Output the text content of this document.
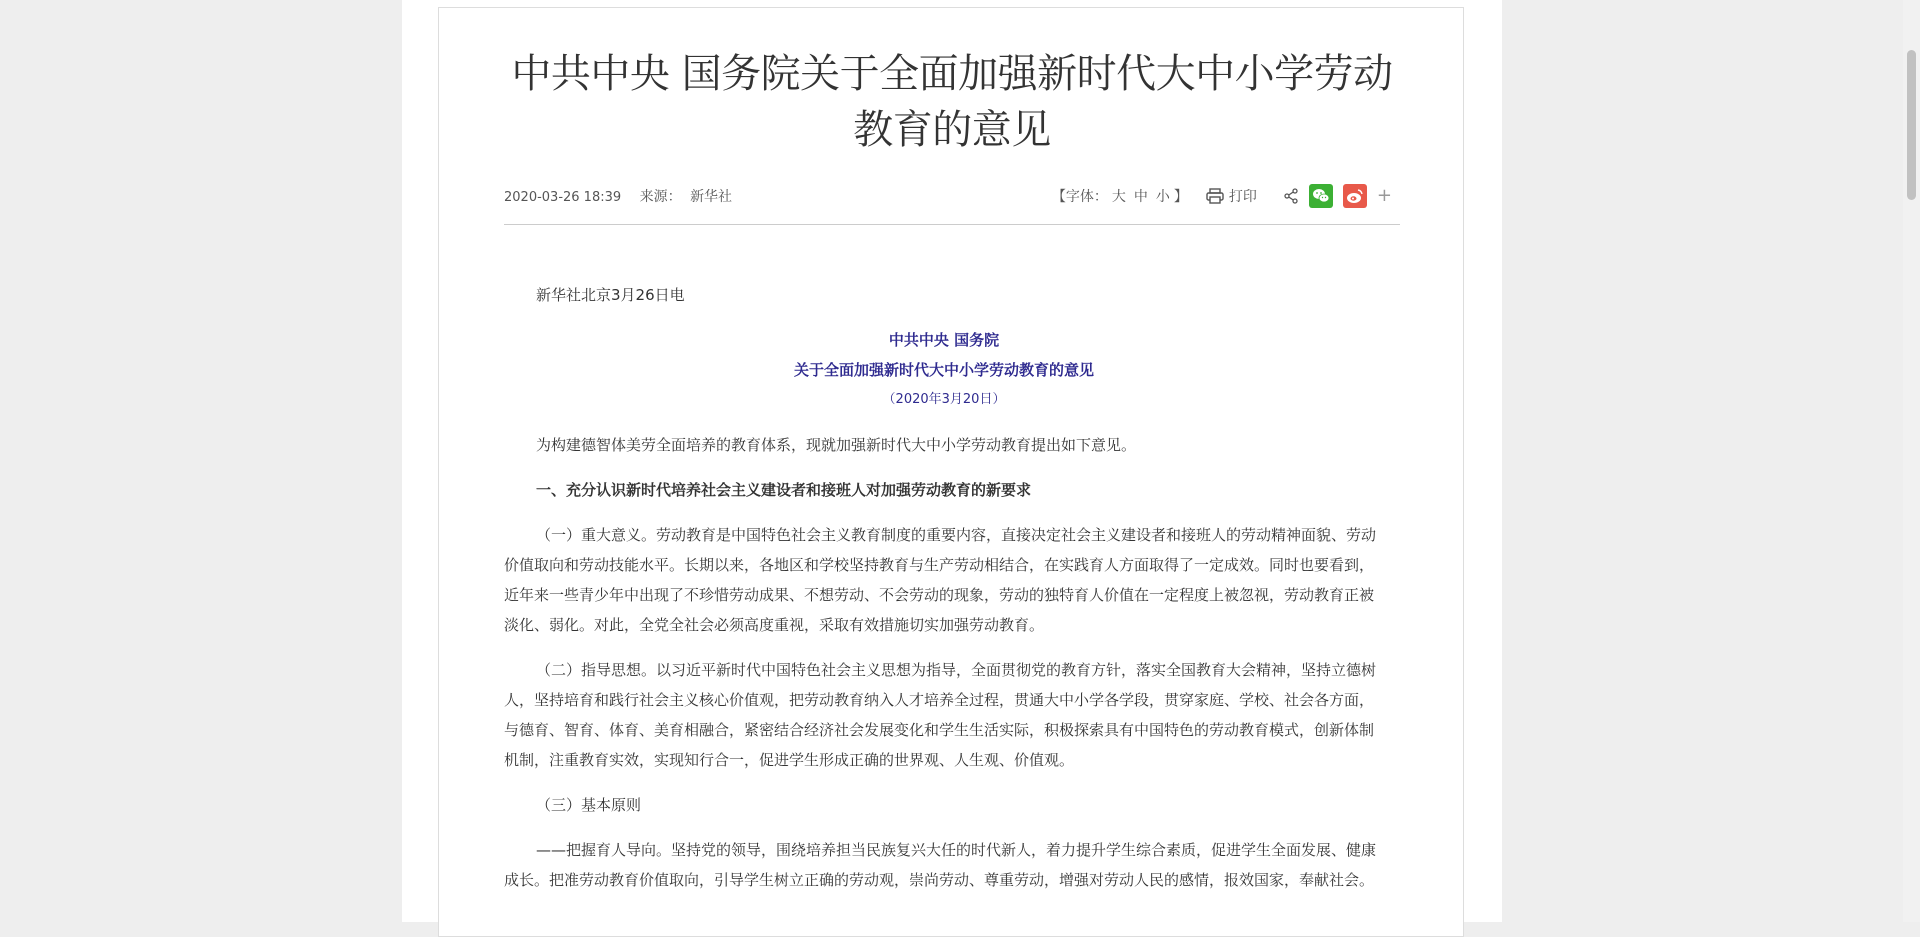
中共中央 国务院关于全面加强新时代大中小学劳动教育的意见
2020-03-26 18:39 来源： 新华社	【字体： 大 中 小 】	打印	+

新华社北京3月26日电

中共中央 国务院

关于全面加强新时代大中小学劳动教育的意见

（2020年3月20日）

为构建德智体美劳全面培养的教育体系，现就加强新时代大中小学劳动教育提出如下意见。

一、充分认识新时代培养社会主义建设者和接班人对加强劳动教育的新要求

（一）重大意义。劳动教育是中国特色社会主义教育制度的重要内容，直接决定社会主义建设者和接班人的劳动精神面貌、劳动价值取向和劳动技能水平。长期以来，各地区和学校坚持教育与生产劳动相结合，在实践育人方面取得了一定成效。同时也要看到，近年来一些青少年中出现了不珍惜劳动成果、不想劳动、不会劳动的现象，劳动的独特育人价值在一定程度上被忽视，劳动教育正被淡化、弱化。对此，全党全社会必须高度重视，采取有效措施切实加强劳动教育。

（二）指导思想。以习近平新时代中国特色社会主义思想为指导，全面贯彻党的教育方针，落实全国教育大会精神，坚持立德树人，坚持培育和践行社会主义核心价值观，把劳动教育纳入人才培养全过程，贯通大中小学各学段，贯穿家庭、学校、社会各方面，与德育、智育、体育、美育相融合，紧密结合经济社会发展变化和学生生活实际，积极探索具有中国特色的劳动教育模式，创新体制机制，注重教育实效，实现知行合一，促进学生形成正确的世界观、人生观、价值观。

（三）基本原则

——把握育人导向。坚持党的领导，围绕培养担当民族复兴大任的时代新人，着力提升学生综合素质，促进学生全面发展、健康成长。把准劳动教育价值取向，引导学生树立正确的劳动观，崇尚劳动、尊重劳动，增强对劳动人民的感情，报效国家，奉献社会。
